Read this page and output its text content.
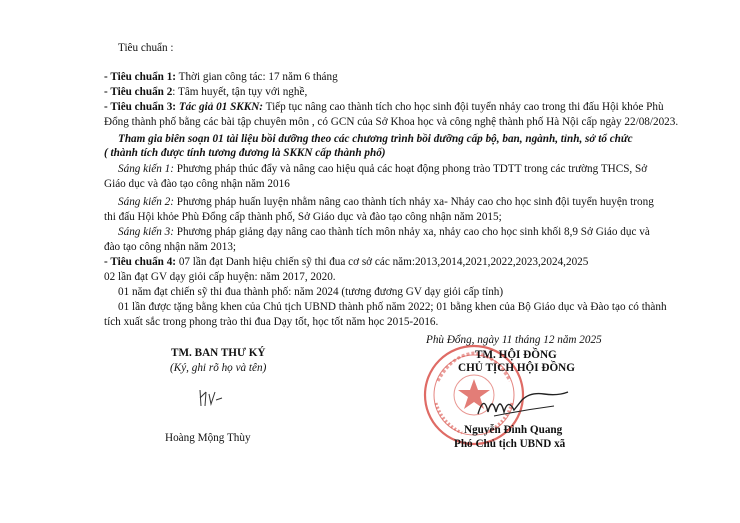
Tiêu chuẩn :
- Tiêu chuẩn 1: Thời gian công tác: 17 năm 6 tháng
- Tiêu chuẩn 2: Tâm huyết, tận tụy với nghề,
- Tiêu chuẩn 3: Tác giả 01 SKKN: Tiếp tục nâng cao thành tích cho học sinh đội tuyển nhảy cao trong thi đấu Hội khỏe Phù
Đổng thành phố bằng các bài tập chuyên môn , có GCN của Sở Khoa học và công nghệ thành phố Hà Nội cấp ngày 22/08/2023.
Tham gia biên soạn 01 tài liệu bồi dưỡng theo các chương trình bồi dưỡng cấp bộ, ban, ngành, tỉnh, sở tổ chức
( thành tích được tính tương đương là SKKN cấp thành phố)
Sáng kiến 1: Phương pháp thúc đẩy và nâng cao hiệu quả các hoạt động phong trào TDTT trong các trường THCS, Sở
Giáo dục và đào tạo công nhận năm 2016
Sáng kiến 2: Phương pháp huấn luyện nhằm nâng cao thành tích nhảy xa- Nhảy cao cho học sinh đội tuyển huyện trong
thi đấu Hội khỏe Phù Đổng cấp thành phố, Sở Giáo dục và đào tạo công nhận năm 2015;
Sáng kiến 3: Phương pháp giảng dạy nâng cao thành tích môn nhảy xa, nhảy cao cho học sinh khối 8,9 Sở Giáo dục và
đào tạo công nhận năm 2013;
- Tiêu chuẩn 4: 07 lần đạt Danh hiệu chiến sỹ thi đua cơ sở các năm:2013,2014,2021,2022,2023,2024,2025
02 lần đạt GV dạy giỏi cấp huyện: năm 2017, 2020.
01 năm đạt chiến sỹ thi đua thành phố: năm 2024 (tương đương GV dạy giỏi cấp tỉnh)
01 lần được tặng bằng khen của Chủ tịch UBND thành phố năm 2022; 01 bằng khen của Bộ Giáo dục và Đào tạo có thành
tích xuất sắc trong phong trào thi đua Dạy tốt, học tốt năm học 2015-2016.
Phù Đổng, ngày 11 tháng 12 năm 2025
TM. BAN THƯ KÝ
(Ký, ghi rõ họ và tên)
Hoàng Mộng Thùy
TM. HỘI ĐỒNG
CHỦ TỊCH HỘI ĐỒNG
Nguyễn Đình Quang
Phó Chủ tịch UBND xã
